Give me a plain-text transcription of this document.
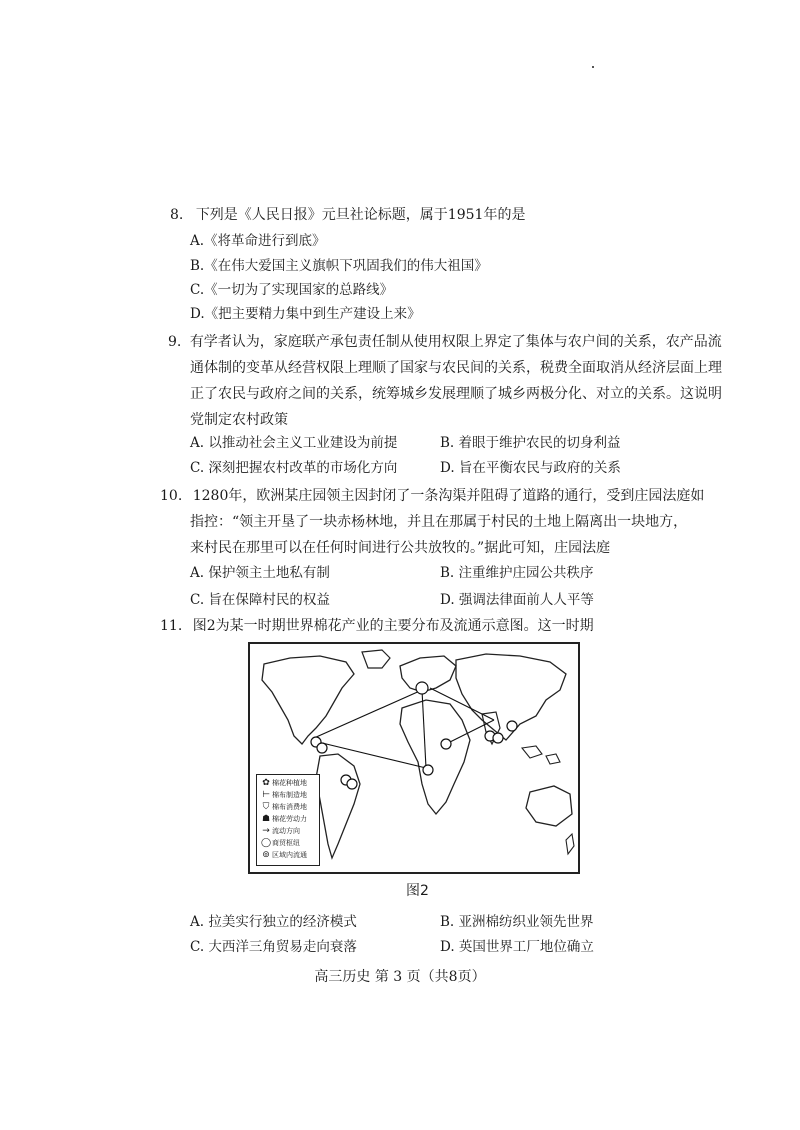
8. 下列是《人民日报》元旦社论标题，属于1951年的是
A.《将革命进行到底》
B.《在伟大爱国主义旗帜下巩固我们的伟大祖国》
C.《一切为了实现国家的总路线》
D.《把主要精力集中到生产建设上来》
9. 有学者认为，家庭联产承包责任制从使用权限上界定了集体与农户间的关系，农产品流
通体制的变革从经营权限上理顺了国家与农民间的关系，税费全面取消从经济层面上理
正了农民与政府之间的关系，统筹城乡发展理顺了城乡两极分化、对立的关系。这说明
党制定农村政策
A. 以推动社会主义工业建设为前提	B. 着眼于维护农民的切身利益
C. 深刻把握农村改革的市场化方向	D. 旨在平衡农民与政府的关系
10. 1280年，欧洲某庄园领主因封闭了一条沟渠并阻碍了道路的通行，受到庄园法庭如
指控：“领主开垦了一块赤杨林地，并且在那属于村民的土地上隔离出一块地方，
来村民在那里可以在任何时间进行公共放牧的。”据此可知，庄园法庭
A. 保护领主土地私有制	B. 注重维护庄园公共秩序
C. 旨在保障村民的权益	D. 强调法律面前人人平等
11. 图2为某一时期世界棉花产业的主要分布及流通示意图。这一时期
✿ 棉花种植地
⊢ 棉布制造地
⛉ 棉布消费地
☗ 棉花劳动力
→ 流动方向
◯ 商贸枢纽
⊚ 区域内流通
图2
A. 拉美实行独立的经济模式	B. 亚洲棉纺织业领先世界
C. 大西洋三角贸易走向衰落	D. 英国世界工厂地位确立
高三历史 第 3 页（共8页）
